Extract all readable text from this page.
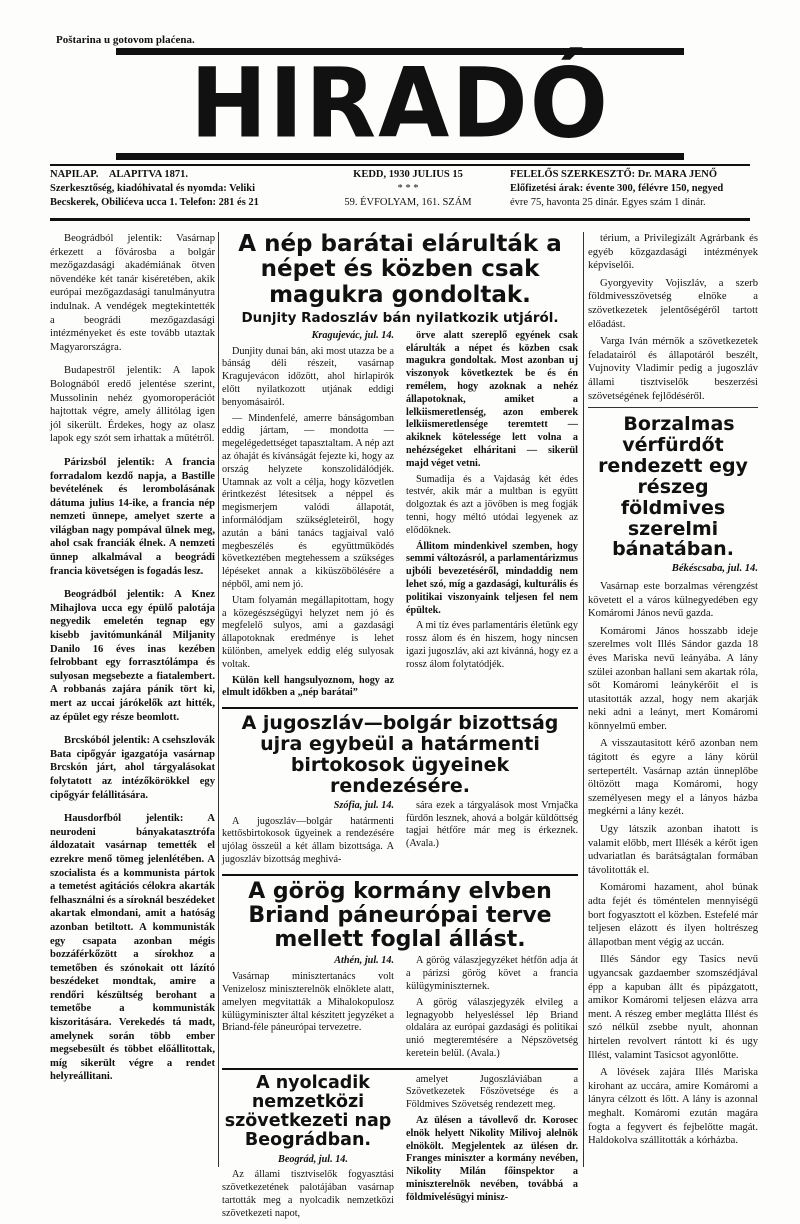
Poštarina u gotovom plaćena.
HIRADÓ
NAPILAP. ALAPITVA 1871.
Szerkesztőség, kiadóhivatal és nyomda: Veliki
Becskerek, Obilićeva ucca 1. Telefon: 281 és 21
KEDD, 1930 JULIUS 15
* * *
59. ÉVFOLYAM, 161. SZÁM
FELELŐS SZERKESZTŐ: Dr. MARA JENŐ
Előfizetési árak: évente 300, félévre 150, negyed
évre 75, havonta 25 dinár. Egyes szám 1 dinár.

Beográdból jelentik: Vasárnap érkezett a fővárosba a bolgár mezőgazdasági akadémiának ötven növendéke két tanár kiséretében, akik európai mezőgazdasági tanulmányutra indulnak. A vendégek megtekintették a beográdi mezőgazdasági intézményeket és este tovább utaztak Magyarországra.

Budapestről jelentik: A lapok Bolognából eredő jelentése szerint, Mussolinin nehéz gyomoroperációt hajtottak végre, amely állitólag igen jól sikerült. Érdekes, hogy az olasz lapok egy szót sem irhattak a műtétről.

Párizsból jelentik: A francia forradalom kezdő napja, a Bastille bevételének és lerombolásának dátuma julius 14-ike, a francia nép nemzeti ünnepe, amelyet szerte a világban nagy pompával ülnek meg, ahol csak franciák élnek. A nemzeti ünnep alkalmával a beográdi francia követségen is fogadás lesz.

Beográdból jelentik: A Knez Mihajlova ucca egy épülő palotája negyedik emeletén tegnap egy kisebb javitómunkánál Miljanity Danilo 16 éves inas kezében felrobbant egy forrasztólámpa és sulyosan megsebezte a fiatalembert. A robbanás zajára pánik tört ki, mert az uccai járókelők azt hitték, az épület egy része beomlott.

Brcskóból jelentik: A csehszlovák Bata cipőgyár igazgatója vasárnap Brcskón járt, ahol tárgyalásokat folytatott az intézőkörökkel egy cipőgyár felállitására.

Hausdorfból jelentik: A neurodeni bányakatasztrófa áldozatait vasárnap temették el ezrekre menő tömeg jelenlétében. A szocialista és a kommunista pártok a temetést agitációs célokra akarták felhasználni és a síroknál beszédeket akartak elmondani, amit a hatóság azonban betiltott. A kommunisták egy csapata azonban mégis bozzáférkőzött a sírokhoz a temetőben és szónokait ott lázító beszédeket mondtak, amire a rendőri készültség berohant a temetőbe a kommunisták kiszoritására. Verekedés tá madt, amelynek során több ember megsebesült és többet előállitottak, míg sikerült végre a rendet helyreállitani.

A nép barátai elárulták a népet és közben csak magukra gondoltak.

Dunjity Radoszláv bán nyilatkozik utjáról.

Kragujevác, jul. 14.

Dunjity dunai bán, aki most utazza be a bánság déli részeit, vasárnap Kragujevácon időzött, ahol hirlapirók előtt nyilatkozott utjának eddigi benyomásairól.

— Mindenfelé, amerre bánságomban eddig jártam, — mondotta — megelégedettséget tapasztaltam. A nép azt az óhaját és kívánságát fejezte ki, hogy az ország helyzete konszolidálódjék. Utamnak az volt a célja, hogy közvetlen érintkezést létesitsek a néppel és megismerjem valódi állapotát, informálódjam szükségleteiről, hogy azután a báni tanács tagjaival való megbeszélés és együttműködés következtében megtehessem a szükséges lépéseket annak a kiküszöbölésére a népből, ami nem jó.

Utam folyamán megállapitottam, hogy a közegészségügyi helyzet nem jó és megfelelő sulyos, ami a gazdasági állapotoknak eredménye is lehet különben, amelyek eddig elég sulyosak voltak.

Külön kell hangsulyoznom, hogy az elmult időkben a „nép barátai”

örve alatt szereplő egyének csak elárulták a népet és közben csak magukra gondoltak. Most azonban uj viszonyok következtek be és én remélem, hogy azoknak a nehéz állapotoknak, amiket a lelkiismeretlenség, azon emberek lelkiismeretlensége teremtett — akiknek kötelessége lett volna a nehézségeket elháritani — sikerül majd véget vetni.

Sumadija és a Vajdaság két édes testvér, akik már a multban is együtt dolgoztak és azt a jövőben is meg fogják tenni, hogy méltó utódai legyenek az elődöknek.

Állitom mindenkivel szemben, hogy semmi változásról, a parlamentárizmus ujbóli bevezetéséről, mindaddig nem lehet szó, míg a gazdasági, kulturális és politikai viszonyaink teljesen fel nem épültek.

A mi tíz éves parlamentáris életünk egy rossz álom és én hiszem, hogy nincsen igazi jugoszláv, aki azt kivánná, hogy ez a rossz álom folytatódjék.

A jugoszláv—bolgár bizottság ujra egybeül a határmenti birtokosok ügyeinek rendezésére.

Szófia, jul. 14.

A jugoszláv—bolgár határmenti kettősbirtokosok ügyeinek a rendezésére ujólag összeül a két állam bizottsága. A jugoszláv bizottság meghivá-

sára ezek a tárgyalások most Vrnjačka fürdőn lesznek, ahová a bolgár küldöttség tagjai hétfőre már meg is érkeznek. (Avala.)

A görög kormány elvben Briand páneurópai terve mellett foglal állást.

Athén, jul. 14.

Vasárnap minisztertanács volt Venizelosz miniszterelnök elnöklete alatt, amelyen megvitatták a Mihalokopulosz külügyminiszter által készitett jegyzéket a Briand-féle páneurópai tervezetre.

A görög válaszjegyzéket hétfőn adja át a párizsi görög követ a francia külügyminiszternek.

A görög válaszjegyzék elvileg a legnagyobb helyesléssel lép Briand oldalára az európai gazdasági és politikai unió megteremtésére a Népszövetség keretein belül. (Avala.)

A nyolcadik nemzetközi szövetkezeti nap Beográdban.

Beográd, jul. 14.

Az állami tisztviselők fogyasztási szövetkezetének palotájában vasárnap tartották meg a nyolcadik nemzetközi szövetkezeti napot,

amelyet Jugoszláviában a Szövetkezetek Főszövetsége és a Földmives Szövetség rendezett meg.

Az ülésen a távollevő dr. Korosec elnök helyett Nikolity Milivoj alelnök elnökölt. Megjelentek az ülésen dr. Franges miniszter a kormány nevében, Nikolity Milán főinspektor a miniszterelnök nevében, továbbá a földmivelésügyi minisz-

térium, a Privilegizált Agrárbank és egyéb közgazdasági intézmények képviselői.

Gyorgyevity Vojiszláv, a szerb földmivesszövetség elnöke a szövetkezetek jelentőségéről tartott előadást.

Varga Iván mérnök a szövetkezetek feladatairól és állapotáról beszélt, Vujnovity Vladimir pedig a jugoszláv állami tisztviselők beszerzési szövetségének fejlődéséről.

Borzalmas vérfürdőt rendezett egy részeg földmives szerelmi bánatában.

Békéscsaba, jul. 14.

Vasárnap este borzalmas vérengzést követett el a város külnegyedében egy Komáromi János nevű gazda.

Komáromi János hosszabb ideje szerelmes volt Illés Sándor gazda 18 éves Mariska nevű leányába. A lány szülei azonban hallani sem akartak róla, sőt Komáromi leánykérőit el is utasitották azzal, hogy nem akarják neki adni a leányt, mert Komáromi könnyelmű ember.

A visszautasitott kérő azonban nem tágitott és egyre a lány körül sertepertélt. Vasárnap aztán ünneplőbe öltözött maga Komáromi, hogy személyesen megy el a lányos házba megkérni a lány kezét.

Ugy látszik azonban ihatott is valamit előbb, mert Illésék a kérőt igen udvariatlan és barátságtalan formában távolitották el.

Komáromi hazament, ahol búnak adta fejét és töméntelen mennyiségű bort fogyasztott el közben. Estefelé már teljesen elázott és ilyen holtrészeg állapotban ment végig az uccán.

Illés Sándor egy Tasics nevű ugyancsak gazdaember szomszédjával épp a kapuban állt és pipázgatott, amikor Komáromi teljesen elázva arra ment. A részeg ember meglátta Illést és szó nélkül zsebbe nyult, ahonnan hirtelen revolvert rántott ki és ugy Illést, valamint Tasicsot agyonlőtte.

A lövések zajára Illés Mariska kirohant az uccára, amire Komáromi a lányra célzott és lőtt. A lány is azonnal meghalt. Komáromi ezután magára fogta a fegyvert és fejbelőtte magát. Haldokolva szállitották a kórházba.
